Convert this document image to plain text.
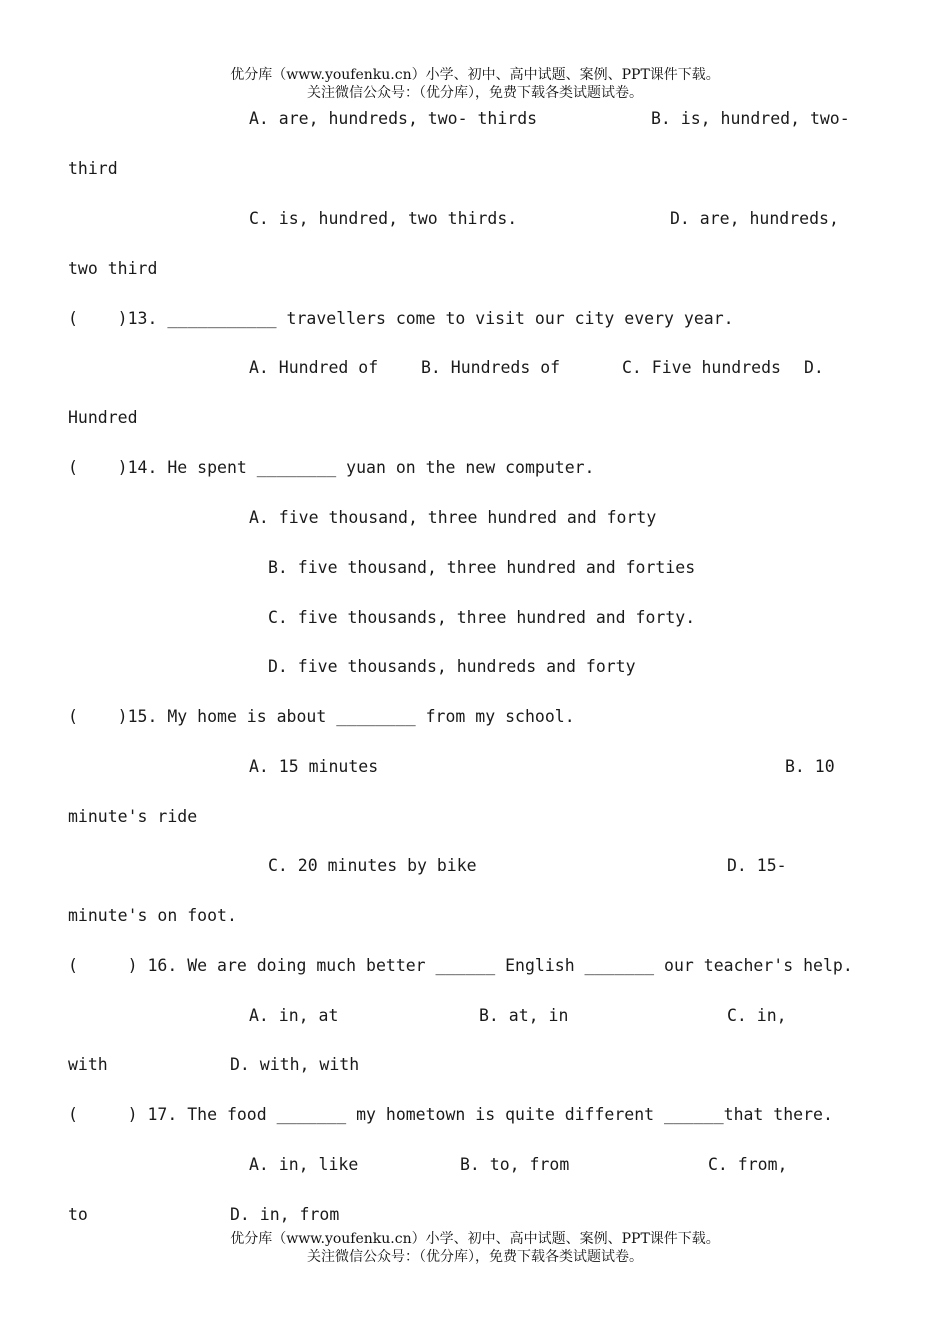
优分库（www.youfenku.cn）小学、初中、高中试题、案例、PPT课件下载。
关注微信公众号：（优分库），免费下载各类试题试卷。
A. are, hundreds, two- thirds	B. is, hundred, two-
third
C. is, hundred, two thirds.	D. are, hundreds,
two third
(    )13. ___________ travellers come to visit our city every year.
A. Hundred of	B. Hundreds of	C. Five hundreds D.
Hundred
(    )14. He spent ________ yuan on the new computer.
A. five thousand, three hundred and forty
B. five thousand, three hundred and forties
C. five thousands, three hundred and forty.
D. five thousands, hundreds and forty
(    )15. My home is about ________ from my school.
A. 15 minutes	B. 10
minute's ride
C. 20 minutes by bike	D. 15-
minute's on foot.
(     ) 16. We are doing much better ______ English _______ our teacher's help.
A. in, at	B. at, in	C. in,
with	D. with, with
(     ) 17. The food _______ my hometown is quite different ______that there.
A. in, like	B. to, from	C. from,
to	D. in, from
优分库（www.youfenku.cn）小学、初中、高中试题、案例、PPT课件下载。
关注微信公众号：（优分库），免费下载各类试题试卷。
